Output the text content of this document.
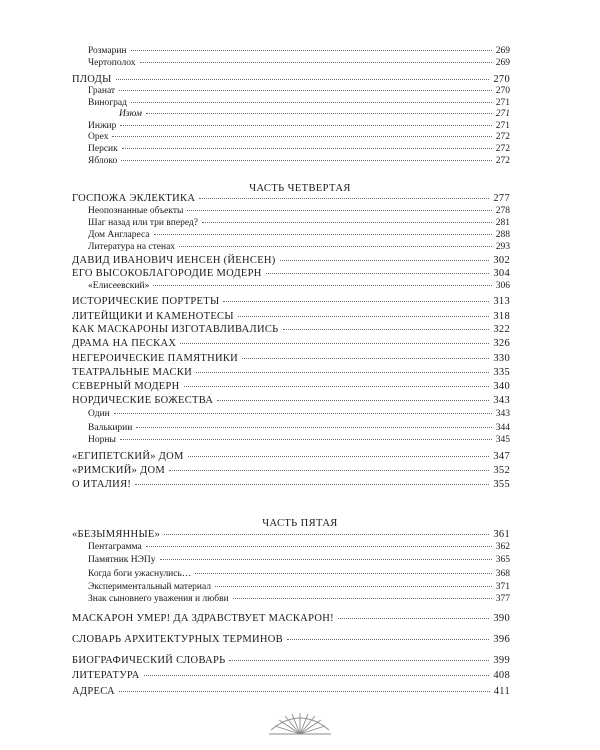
ЧАСТЬ ЧЕТВЕРТАЯ
ЧАСТЬ ПЯТАЯ
Розмарин	269
Чертополох	269
ПЛОДЫ	270
Гранат	270
Виноград	271
Изюм	271
Инжир	271
Орех	272
Персик	272
Яблоко	272
ГОСПОЖА ЭКЛЕКТИКА	277
Неопознанные объекты	278
Шаг назад или три вперед?	281
Дом Англареса	288
Литература на стенах	293
ДАВИД ИВАНОВИЧ ИЕНСЕН (ЙЕНСЕН)	302
ЕГО ВЫСОКОБЛАГОРОДИЕ МОДЕРН	304
«Елисеевский»	306
ИСТОРИЧЕСКИЕ ПОРТРЕТЫ	313
ЛИТЕЙЩИКИ И КАМЕНОТЕСЫ	318
КАК МАСКАРОНЫ ИЗГОТАВЛИВАЛИСЬ	322
ДРАМА НА ПЕСКАХ	326
НЕГЕРОИЧЕСКИЕ ПАМЯТНИКИ	330
ТЕАТРАЛЬНЫЕ МАСКИ	335
СЕВЕРНЫЙ МОДЕРН	340
НОРДИЧЕСКИЕ БОЖЕСТВА	343
Один	343
Валькирии	344
Норны	345
«ЕГИПЕТСКИЙ» ДОМ	347
«РИМСКИЙ» ДОМ	352
О ИТАЛИЯ!	355
«БЕЗЫМЯННЫЕ»	361
Пентаграмма	362
Памятник НЭПу	365
Когда боги ужаснулись…	368
Экспериментальный материал	371
Знак сыновнего уважения и любви	377
МАСКАРОН УМЕР! ДА ЗДРАВСТВУЕТ МАСКАРОН!	390
СЛОВАРЬ АРХИТЕКТУРНЫХ ТЕРМИНОВ	396
БИОГРАФИЧЕСКИЙ СЛОВАРЬ	399
ЛИТЕРАТУРА	408
АДРЕСА	411
